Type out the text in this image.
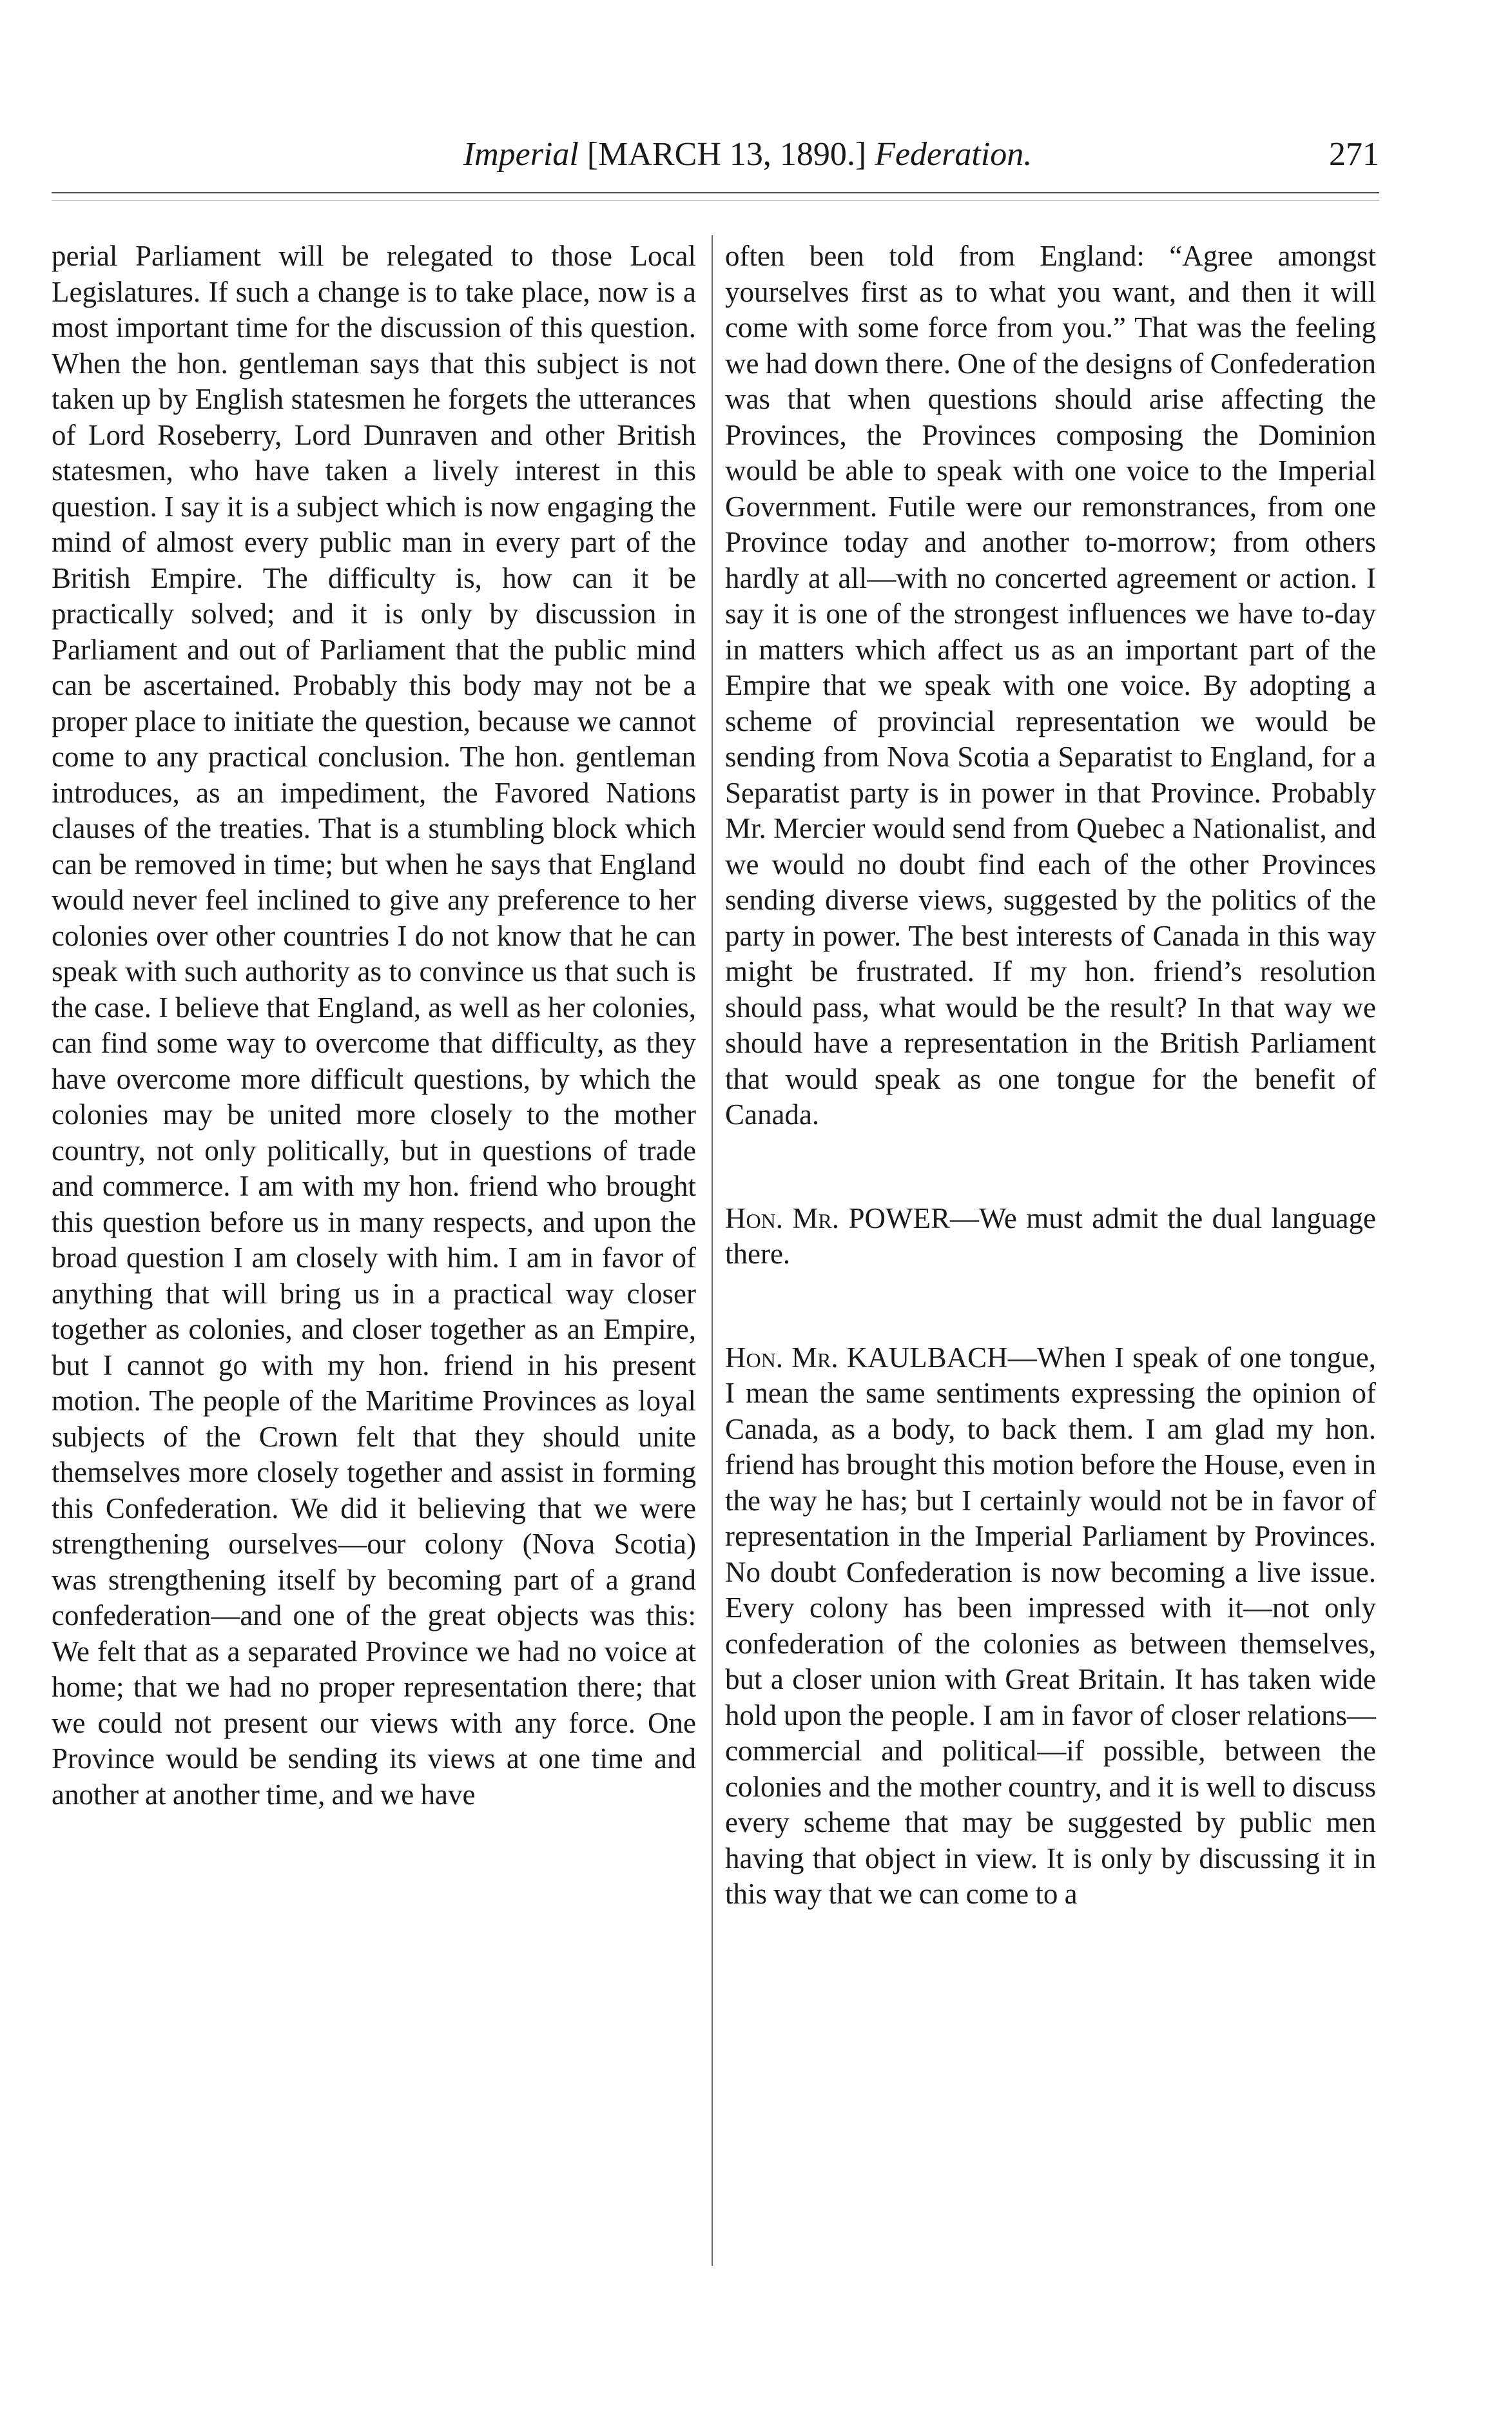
Imperial [MARCH 13, 1890.] Federation.	271

perial Parliament will be relegated to those Local Legislatures. If such a change is to take place, now is a most important time for the discussion of this question. When the hon. gentleman says that this subject is not taken up by English statesmen he forgets the utterances of Lord Roseberry, Lord Dunraven and other British statesmen, who have taken a lively interest in this question. I say it is a subject which is now engaging the mind of almost every public man in every part of the British Empire. The difficulty is, how can it be practically solved; and it is only by discussion in Parliament and out of Parliament that the public mind can be ascertained. Probably this body may not be a proper place to initiate the question, because we cannot come to any practical conclusion. The hon. gentleman introduces, as an impediment, the Favored Nations clauses of the treaties. That is a stumbling block which can be removed in time; but when he says that England would never feel inclined to give any preference to her colonies over other countries I do not know that he can speak with such authority as to convince us that such is the case. I believe that England, as well as her colonies, can find some way to overcome that difficulty, as they have overcome more difficult questions, by which the colonies may be united more closely to the mother country, not only politically, but in questions of trade and commerce. I am with my hon. friend who brought this question before us in many respects, and upon the broad question I am closely with him. I am in favor of anything that will bring us in a practical way closer together as colonies, and closer together as an Empire, but I cannot go with my hon. friend in his present motion. The people of the Maritime Provinces as loyal subjects of the Crown felt that they should unite themselves more closely together and assist in forming this Confederation. We did it believing that we were strengthening ourselves—our colony (Nova Scotia) was strengthening itself by becoming part of a grand confederation—and one of the great objects was this: We felt that as a separated Province we had no voice at home; that we had no proper representation there; that we could not present our views with any force. One Province would be sending its views at one time and another at another time, and we have

often been told from England: “Agree amongst yourselves first as to what you want, and then it will come with some force from you.” That was the feeling we had down there. One of the designs of Confederation was that when questions should arise affecting the Provinces, the Provinces composing the Dominion would be able to speak with one voice to the Imperial Government. Futile were our remonstrances, from one Province today and another to-morrow; from others hardly at all—with no concerted agreement or action. I say it is one of the strongest influences we have to-day in matters which affect us as an important part of the Empire that we speak with one voice. By adopting a scheme of provincial representation we would be sending from Nova Scotia a Separatist to England, for a Separatist party is in power in that Province. Probably Mr. Mercier would send from Quebec a Nationalist, and we would no doubt find each of the other Provinces sending diverse views, suggested by the politics of the party in power. The best interests of Canada in this way might be frustrated. If my hon. friend’s resolution should pass, what would be the result? In that way we should have a representation in the British Parliament that would speak as one tongue for the benefit of Canada.

Hon. Mr. POWER—We must admit the dual language there.

Hon. Mr. KAULBACH—When I speak of one tongue, I mean the same sentiments expressing the opinion of Canada, as a body, to back them. I am glad my hon. friend has brought this motion before the House, even in the way he has; but I certainly would not be in favor of representation in the Imperial Parliament by Provinces. No doubt Confederation is now becoming a live issue. Every colony has been impressed with it—not only confederation of the colonies as between themselves, but a closer union with Great Britain. It has taken wide hold upon the people. I am in favor of closer relations—commercial and political—if possible, between the colonies and the mother country, and it is well to discuss every scheme that may be suggested by public men having that object in view. It is only by discussing it in this way that we can come to a
